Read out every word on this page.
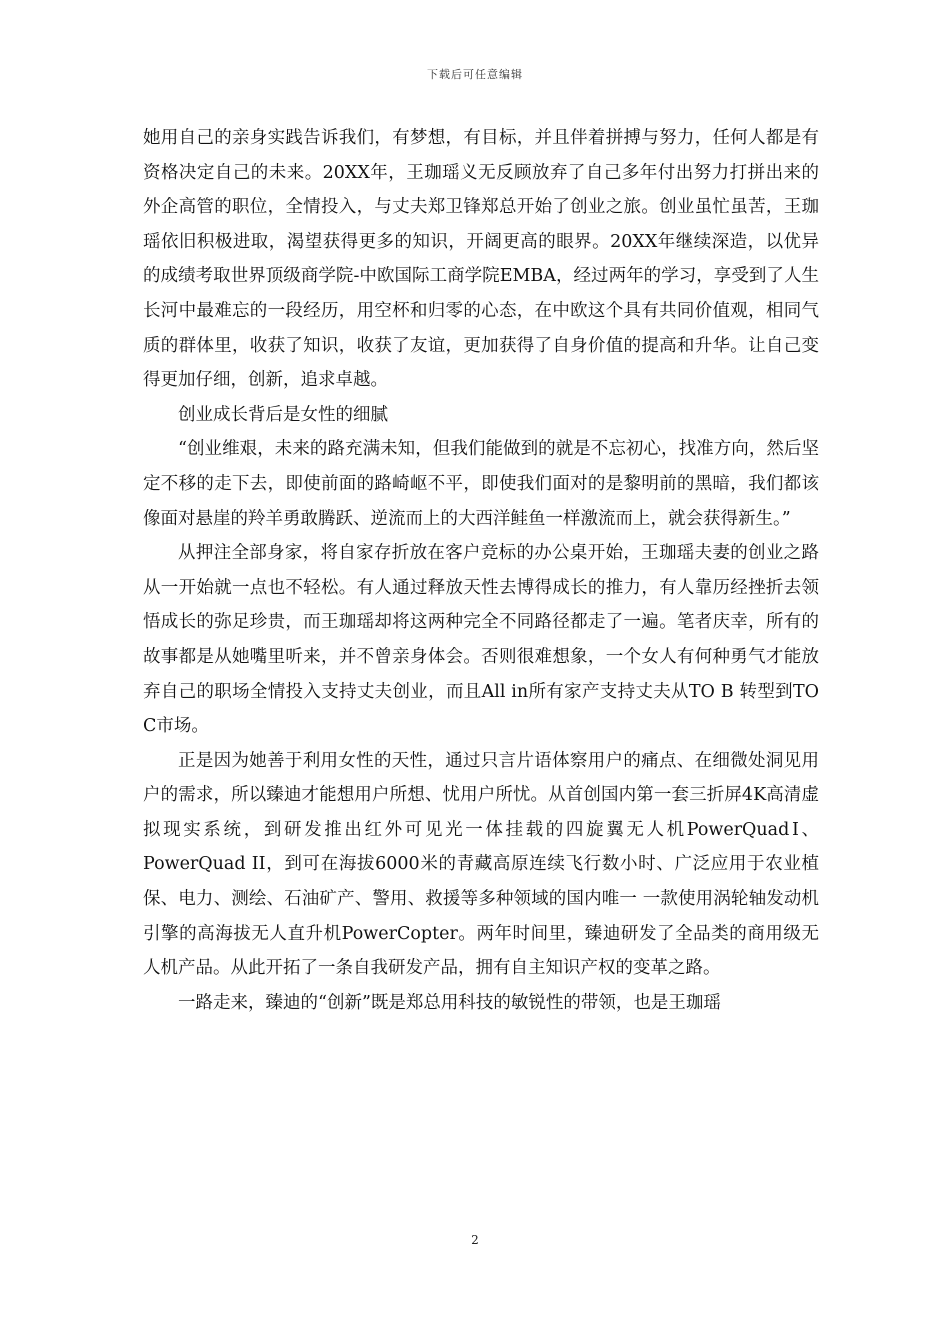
下载后可任意编辑

她用自己的亲身实践告诉我们，有梦想，有目标，并且伴着拼搏与努力，任何人都是有资格决定自己的未来。20XX年，王珈瑶义无反顾放弃了自己多年付出努力打拼出来的外企高管的职位，全情投入，与丈夫郑卫锋郑总开始了创业之旅。创业虽忙虽苦，王珈瑶依旧积极进取，渴望获得更多的知识，开阔更高的眼界。20XX年继续深造，以优异的成绩考取世界顶级商学院-中欧国际工商学院EMBA，经过两年的学习，享受到了人生长河中最难忘的一段经历，用空杯和归零的心态，在中欧这个具有共同价值观，相同气质的群体里，收获了知识，收获了友谊，更加获得了自身价值的提高和升华。让自己变得更加仔细，创新，追求卓越。

创业成长背后是女性的细腻

“创业维艰，未来的路充满未知，但我们能做到的就是不忘初心，找准方向，然后坚定不移的走下去，即使前面的路崎岖不平，即使我们面对的是黎明前的黑暗，我们都该像面对悬崖的羚羊勇敢腾跃、逆流而上的大西洋鲑鱼一样激流而上，就会获得新生。”

从押注全部身家，将自家存折放在客户竞标的办公桌开始，王珈瑶夫妻的创业之路从一开始就一点也不轻松。有人通过释放天性去博得成长的推力，有人靠历经挫折去领悟成长的弥足珍贵，而王珈瑶却将这两种完全不同路径都走了一遍。笔者庆幸，所有的故事都是从她嘴里听来，并不曾亲身体会。否则很难想象，一个女人有何种勇气才能放弃自己的职场全情投入支持丈夫创业，而且All in所有家产支持丈夫从TO B 转型到TO C市场。

正是因为她善于利用女性的天性，通过只言片语体察用户的痛点、在细微处洞见用户的需求，所以臻迪才能想用户所想、忧用户所忧。从首创国内第一套三折屏4K高清虚拟现实系统，到研发推出红外可见光一体挂载的四旋翼无人机PowerQuadⅠ、PowerQuad II，到可在海拔6000米的青藏高原连续飞行数小时、广泛应用于农业植保、电力、测绘、石油矿产、警用、救援等多种领域的国内唯一 一款使用涡轮轴发动机引擎的高海拔无人直升机PowerCopter。两年时间里，臻迪研发了全品类的商用级无人机产品。从此开拓了一条自我研发产品，拥有自主知识产权的变革之路。

一路走来，臻迪的“创新”既是郑总用科技的敏锐性的带领，也是王珈瑶

2
